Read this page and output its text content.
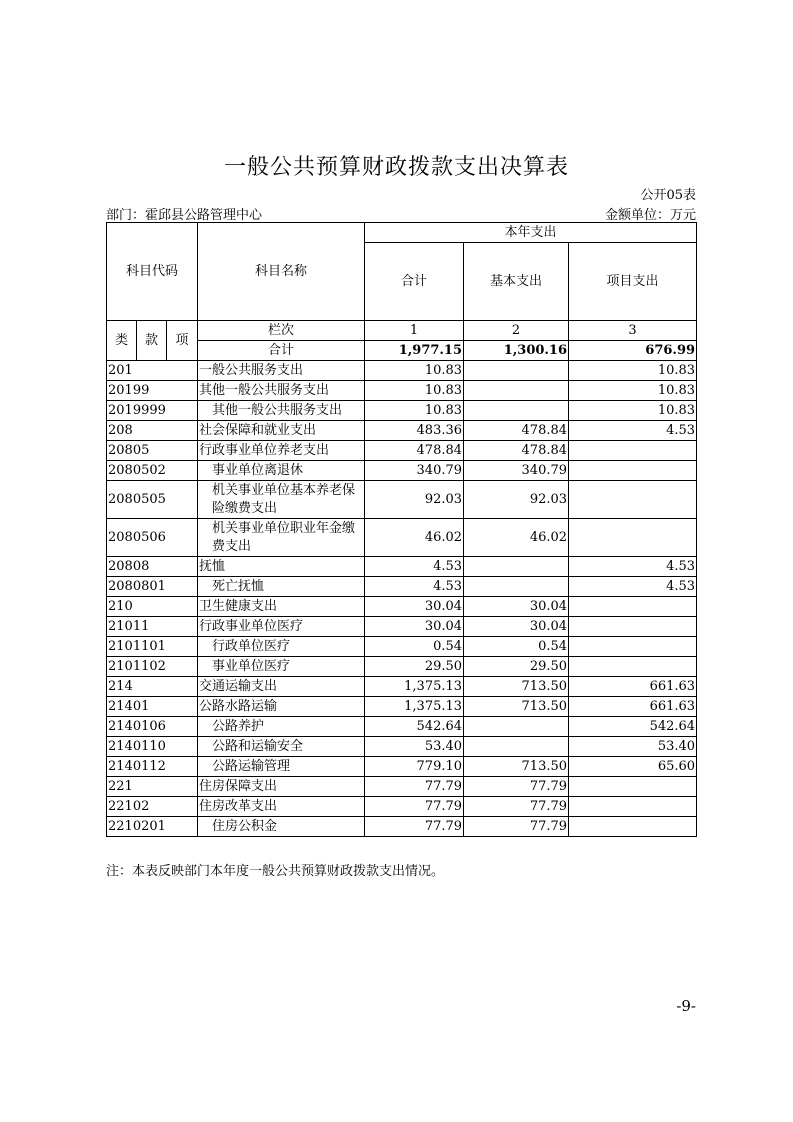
一般公共预算财政拨款支出决算表
公开05表
部门：霍邱县公路管理中心	金额单位：万元
科目代码			科目名称	本年支出		
				合计	基本支出	项目支出
类	款	项	栏次	1	2	3
			合计	1,977.15	1,300.16	676.99
201			一般公共服务支出	10.83		10.83
20199			其他一般公共服务支出	10.83		10.83
2019999			其他一般公共服务支出	10.83		10.83
208			社会保障和就业支出	483.36	478.84	4.53
20805			行政事业单位养老支出	478.84	478.84	
2080502			事业单位离退休	340.79	340.79	
2080505			机关事业单位基本养老保险缴费支出	92.03	92.03	
2080506			机关事业单位职业年金缴费支出	46.02	46.02	
20808			抚恤	4.53		4.53
2080801			死亡抚恤	4.53		4.53
210			卫生健康支出	30.04	30.04	
21011			行政事业单位医疗	30.04	30.04	
2101101			行政单位医疗	0.54	0.54	
2101102			事业单位医疗	29.50	29.50	
214			交通运输支出	1,375.13	713.50	661.63
21401			公路水路运输	1,375.13	713.50	661.63
2140106			公路养护	542.64		542.64
2140110			公路和运输安全	53.40		53.40
2140112			公路运输管理	779.10	713.50	65.60
221			住房保障支出	77.79	77.79	
22102			住房改革支出	77.79	77.79	
2210201			住房公积金	77.79	77.79	
注：本表反映部门本年度一般公共预算财政拨款支出情况。
-9-
